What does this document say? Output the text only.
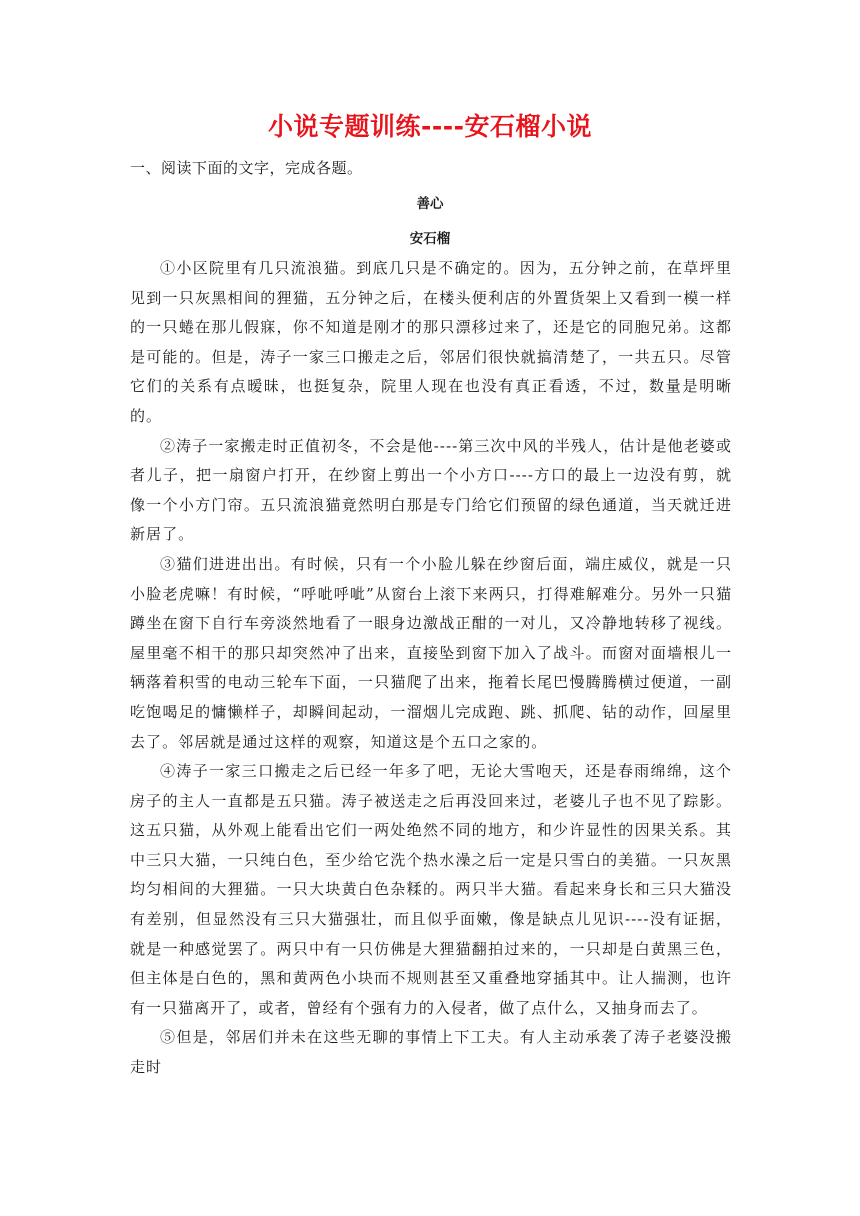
小说专题训练----安石榴小说

一、阅读下面的文字，完成各题。

善心

安石榴

①小区院里有几只流浪猫。到底几只是不确定的。因为，五分钟之前，在草坪里见到一只灰黑相间的狸猫，五分钟之后，在楼头便利店的外置货架上又看到一模一样的一只蜷在那儿假寐，你不知道是刚才的那只漂移过来了，还是它的同胞兄弟。这都是可能的。但是，涛子一家三口搬走之后，邻居们很快就搞清楚了，一共五只。尽管它们的关系有点暧昧，也挺复杂，院里人现在也没有真正看透，不过，数量是明晰的。

②涛子一家搬走时正值初冬，不会是他----第三次中风的半残人，估计是他老婆或者儿子，把一扇窗户打开，在纱窗上剪出一个小方口----方口的最上一边没有剪，就像一个小方门帘。五只流浪猫竟然明白那是专门给它们预留的绿色通道，当天就迁进新居了。

③猫们进进出出。有时候，只有一个小脸儿躲在纱窗后面，端庄威仪，就是一只小脸老虎嘛！有时候，“呼呲呼呲”从窗台上滚下来两只，打得难解难分。另外一只猫蹲坐在窗下自行车旁淡然地看了一眼身边激战正酣的一对儿，又冷静地转移了视线。屋里毫不相干的那只却突然冲了出来，直接坠到窗下加入了战斗。而窗对面墙根儿一辆落着积雪的电动三轮车下面，一只猫爬了出来，拖着长尾巴慢腾腾横过便道，一副吃饱喝足的慵懒样子，却瞬间起动，一溜烟儿完成跑、跳、抓爬、钻的动作，回屋里去了。邻居就是通过这样的观察，知道这是个五口之家的。

④涛子一家三口搬走之后已经一年多了吧，无论大雪咆天，还是春雨绵绵，这个房子的主人一直都是五只猫。涛子被送走之后再没回来过，老婆儿子也不见了踪影。这五只猫，从外观上能看出它们一两处绝然不同的地方，和少许显性的因果关系。其中三只大猫，一只纯白色，至少给它洗个热水澡之后一定是只雪白的美猫。一只灰黑均匀相间的大狸猫。一只大块黄白色杂糅的。两只半大猫。看起来身长和三只大猫没有差别，但显然没有三只大猫强壮，而且似乎面嫩，像是缺点儿见识----没有证据，就是一种感觉罢了。两只中有一只仿佛是大狸猫翻拍过来的，一只却是白黄黑三色，但主体是白色的，黑和黄两色小块而不规则甚至又重叠地穿插其中。让人揣测，也许有一只猫离开了，或者，曾经有个强有力的入侵者，做了点什么，又抽身而去了。

⑤但是，邻居们并未在这些无聊的事情上下工夫。有人主动承袭了涛子老婆没搬走时
